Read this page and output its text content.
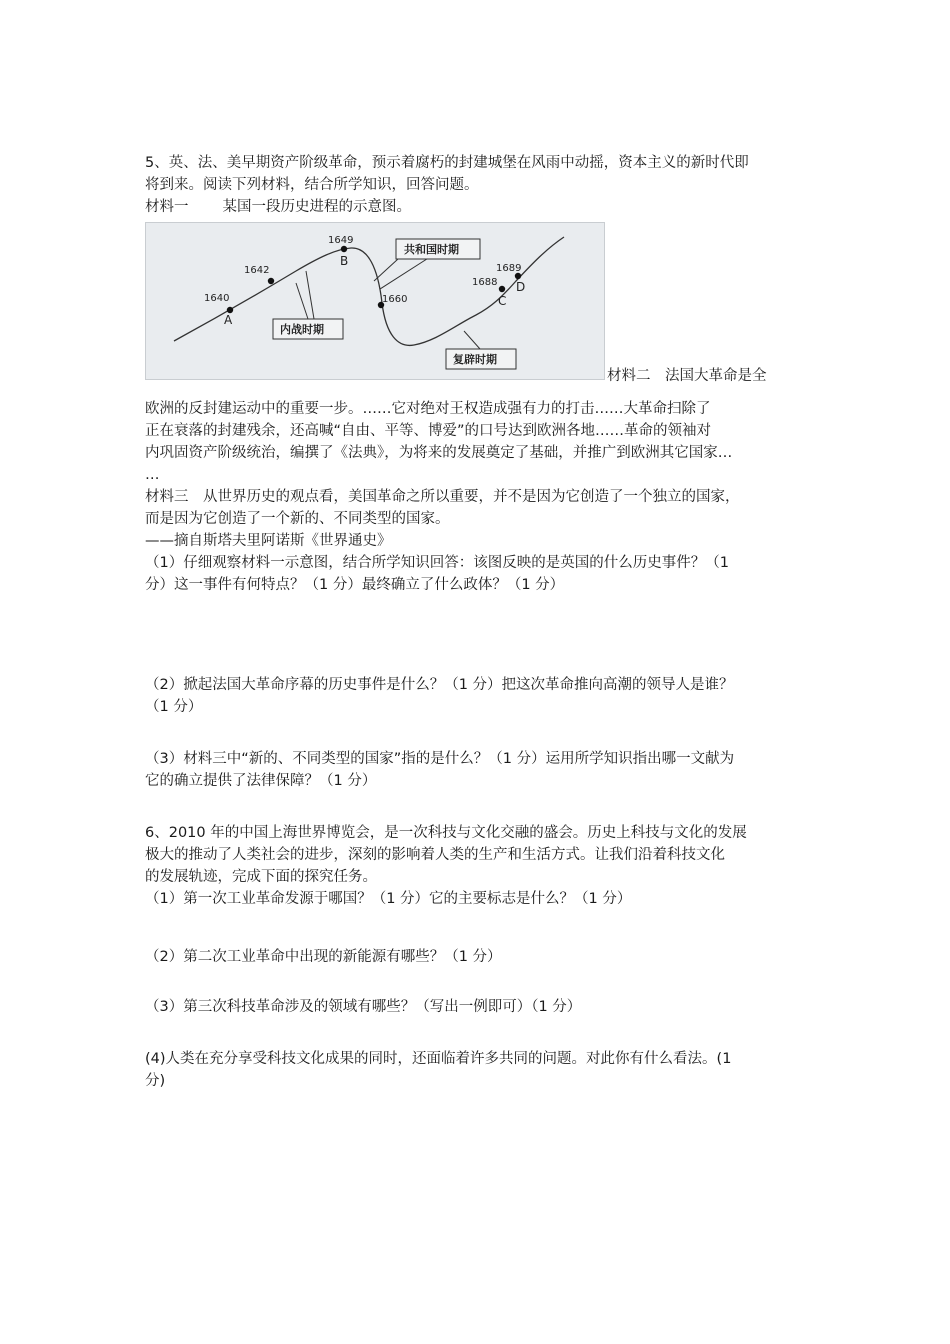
5、英、法、美早期资产阶级革命，预示着腐朽的封建城堡在风雨中动摇，资本主义的新时代即
将到来。阅读下列材料，结合所学知识，回答问题。
材料一 某国一段历史进程的示意图。
1640
1642
1649
1660
1688
1689
A
B
C
D
内战时期
共和国时期
复辟时期
材料二　法国大革命是全
欧洲的反封建运动中的重要一步。……它对绝对王权造成强有力的打击……大革命扫除了
正在衰落的封建残余，还高喊“自由、平等、博爱”的口号达到欧洲各地……革命的领袖对
内巩固资产阶级统治，编撰了《法典》，为将来的发展奠定了基础，并推广到欧洲其它国家…
…
材料三　从世界历史的观点看，美国革命之所以重要，并不是因为它创造了一个独立的国家，
而是因为它创造了一个新的、不同类型的国家。
——摘自斯塔夫里阿诺斯《世界通史》
（1）仔细观察材料一示意图，结合所学知识回答：该图反映的是英国的什么历史事件？（1
分）这一事件有何特点？（1 分）最终确立了什么政体？（1 分）
（2）掀起法国大革命序幕的历史事件是什么？（1 分）把这次革命推向高潮的领导人是谁？
（1 分）
（3）材料三中“新的、不同类型的国家”指的是什么？（1 分）运用所学知识指出哪一文献为
它的确立提供了法律保障？（1 分）
6、2010 年的中国上海世界博览会，是一次科技与文化交融的盛会。历史上科技与文化的发展
极大的推动了人类社会的进步，深刻的影响着人类的生产和生活方式。让我们沿着科技文化
的发展轨迹，完成下面的探究任务。
（1）第一次工业革命发源于哪国？（1 分）它的主要标志是什么？（1 分）
（2）第二次工业革命中出现的新能源有哪些？（1 分）
（3）第三次科技革命涉及的领域有哪些？（写出一例即可）（1 分）
(4)人类在充分享受科技文化成果的同时，还面临着许多共同的问题。对此你有什么看法。(1
分)
